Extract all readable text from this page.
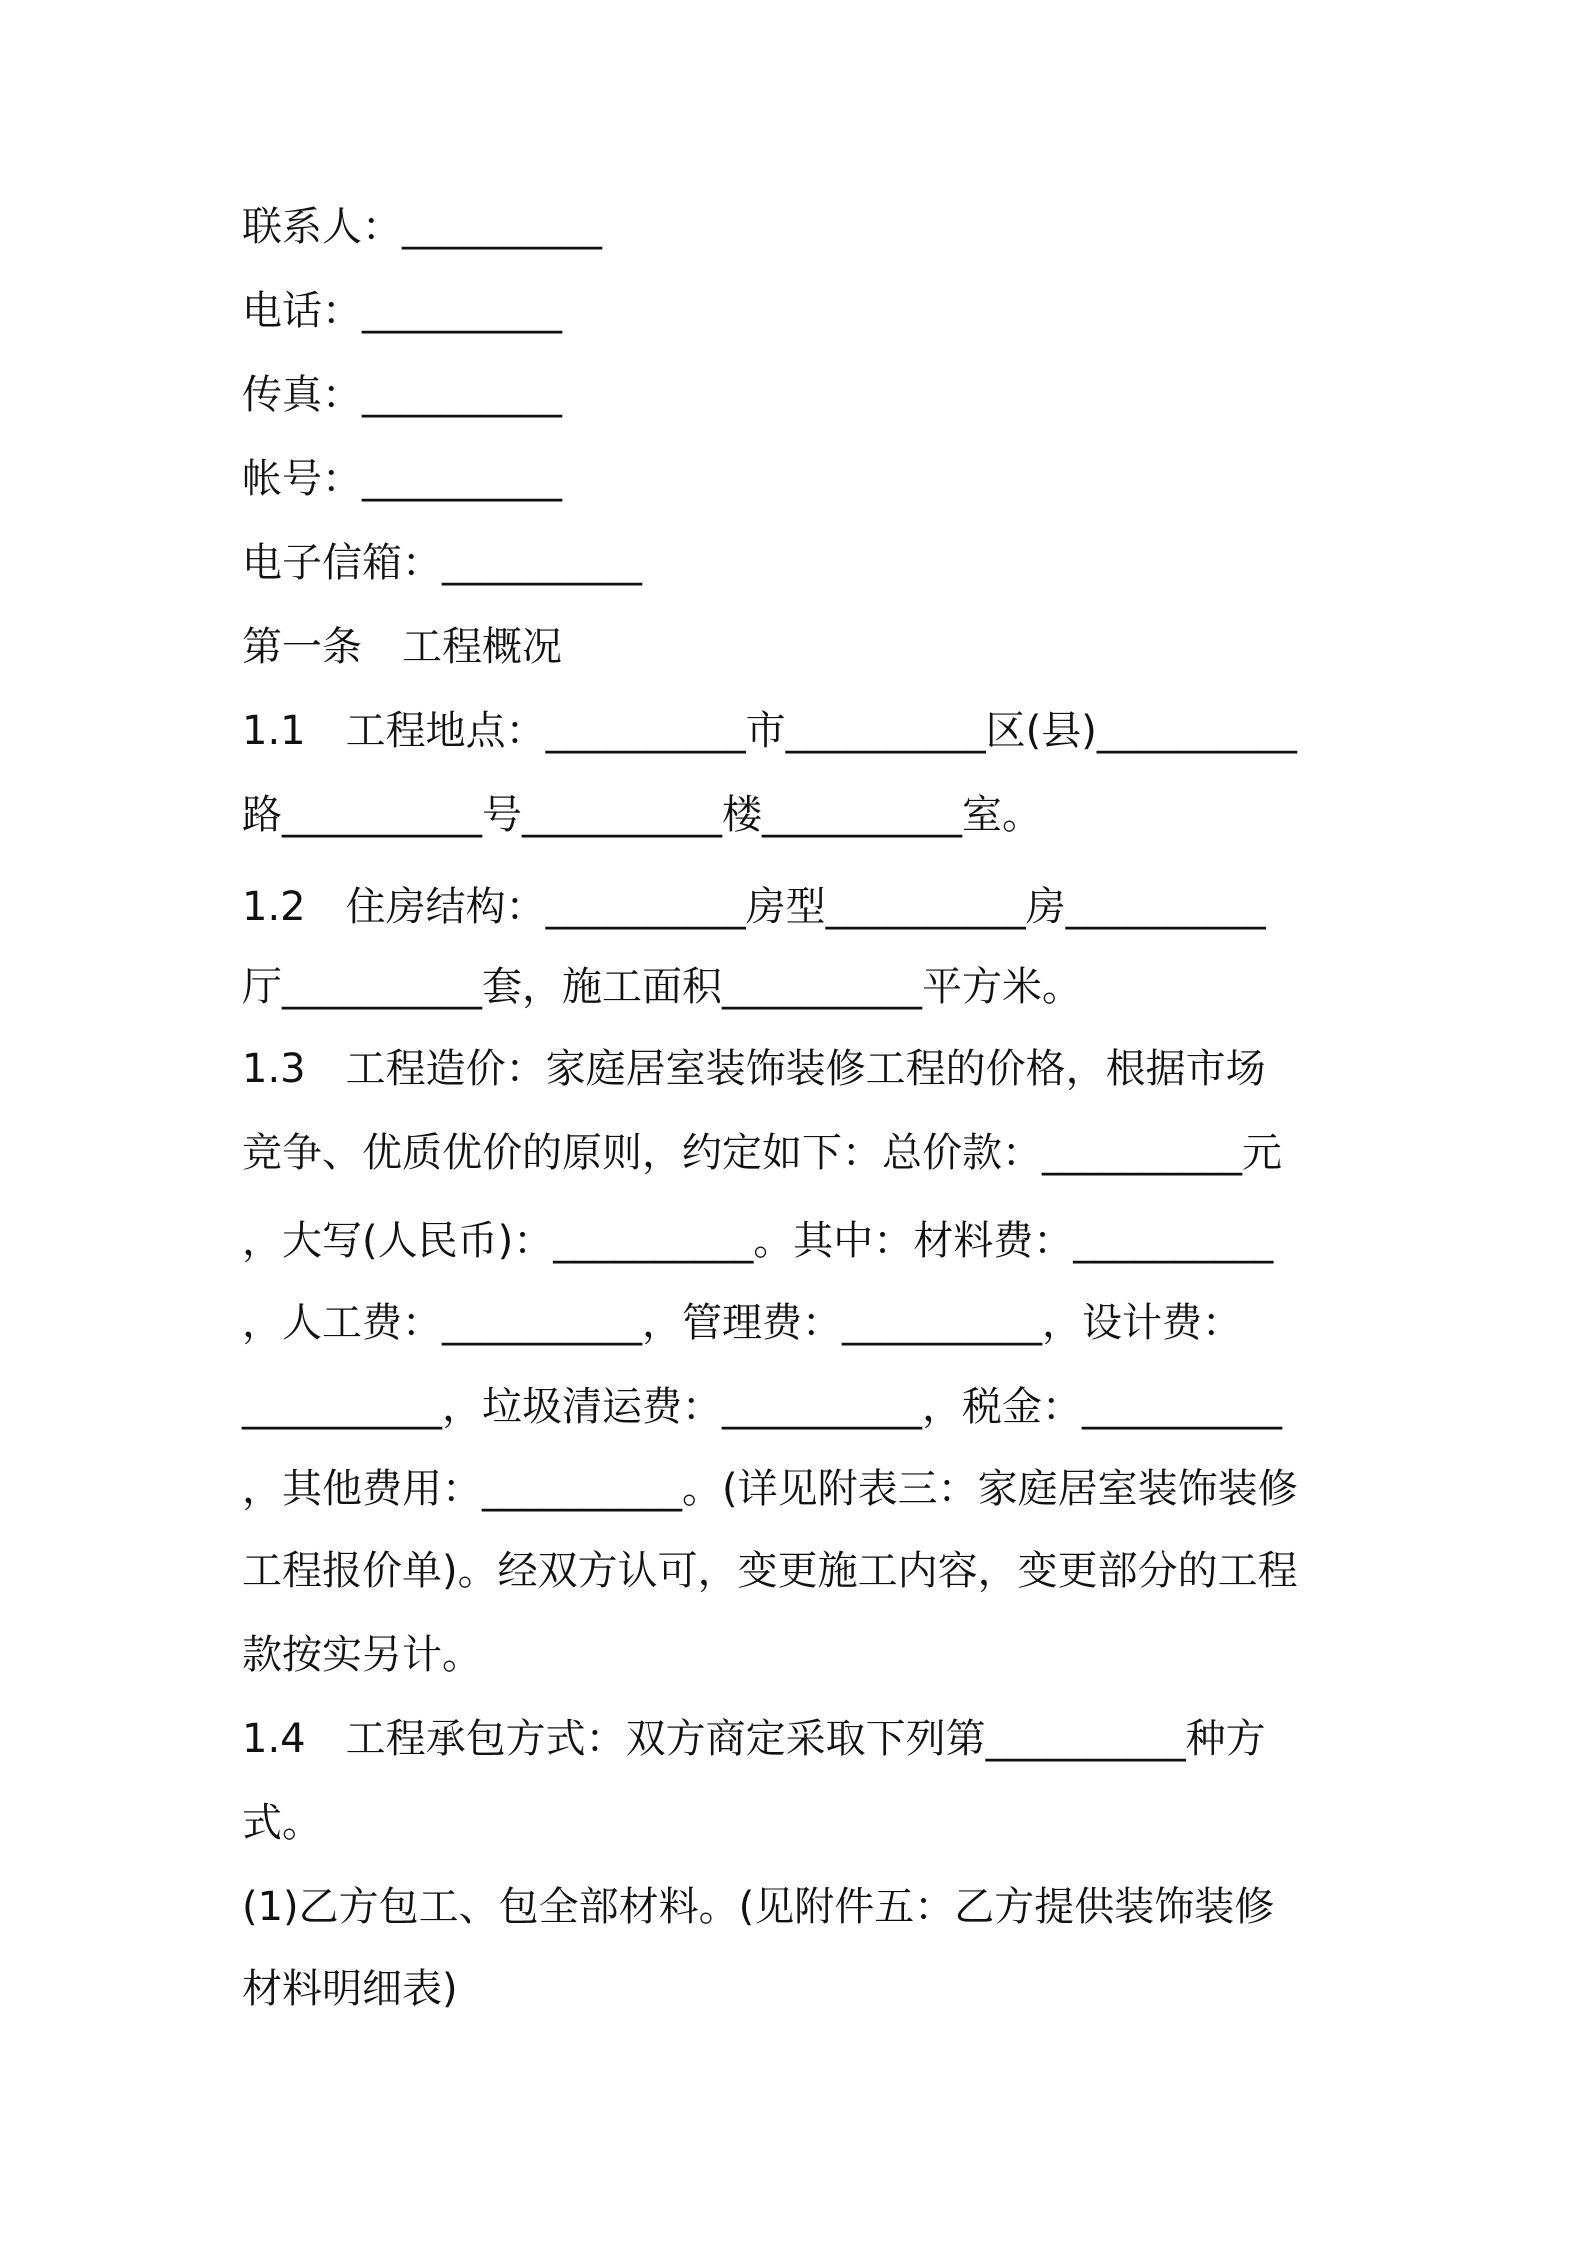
联系人：__________
电话：__________
传真：__________
帐号：__________
电子信箱：__________
第一条　工程概况
1.1　工程地点：__________市__________区(县)__________
路__________号__________楼__________室。
1.2　住房结构：__________房型__________房__________
厅__________套，施工面积__________平方米。
1.3　工程造价：家庭居室装饰装修工程的价格，根据市场
竞争、优质优价的原则，约定如下：总价款：__________元
，大写(人民币)：__________。其中：材料费：__________
，人工费：__________，管理费：__________，设计费：
__________，垃圾清运费：__________，税金：__________
，其他费用：__________。(详见附表三：家庭居室装饰装修
工程报价单)。经双方认可，变更施工内容，变更部分的工程
款按实另计。
1.4　工程承包方式：双方商定采取下列第__________种方
式。
(1)乙方包工、包全部材料。(见附件五：乙方提供装饰装修
材料明细表)
